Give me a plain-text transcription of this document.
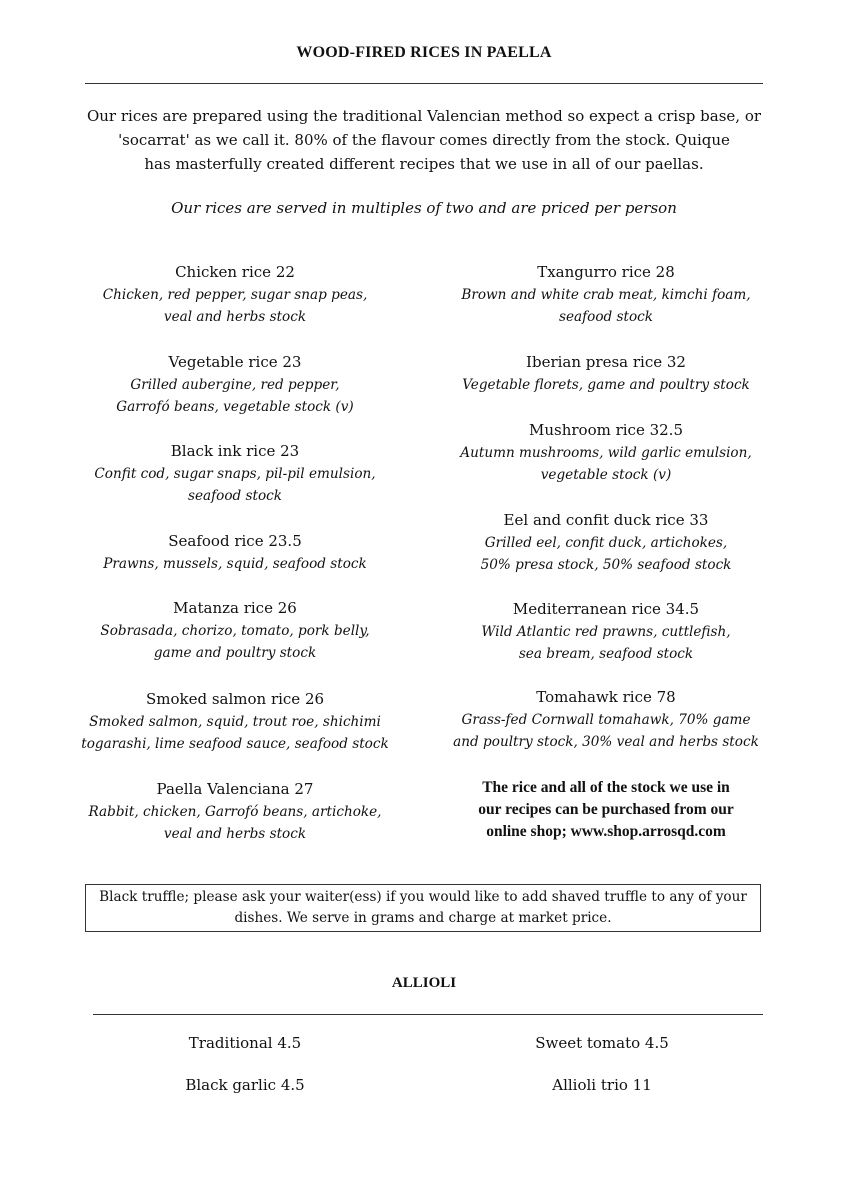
WOOD-FIRED RICES IN PAELLA
Our rices are prepared using the traditional Valencian method so expect a crisp base, or
'socarrat' as we call it. 80% of the flavour comes directly from the stock. Quique
has masterfully created different recipes that we use in all of our paellas.
Our rices are served in multiples of two and are priced per person
Chicken rice 22
Chicken, red pepper, sugar snap peas,
veal and herbs stock
Vegetable rice 23
Grilled aubergine, red pepper,
Garrofó beans, vegetable stock (v)
Black ink rice 23
Confit cod, sugar snaps, pil-pil emulsion,
seafood stock
Seafood rice 23.5
Prawns, mussels, squid, seafood stock
Matanza rice 26
Sobrasada, chorizo, tomato, pork belly,
game and poultry stock
Smoked salmon rice 26
Smoked salmon, squid, trout roe, shichimi
togarashi, lime seafood sauce, seafood stock
Paella Valenciana 27
Rabbit, chicken, Garrofó beans, artichoke,
veal and herbs stock
Txangurro rice 28
Brown and white crab meat, kimchi foam,
seafood stock
Iberian presa rice 32
Vegetable florets, game and poultry stock
Mushroom rice 32.5
Autumn mushrooms, wild garlic emulsion,
vegetable stock (v)
Eel and confit duck rice 33
Grilled eel, confit duck, artichokes,
50% presa stock, 50% seafood stock
Mediterranean rice 34.5
Wild Atlantic red prawns, cuttlefish,
sea bream, seafood stock
Tomahawk rice 78
Grass-fed Cornwall tomahawk, 70% game
and poultry stock, 30% veal and herbs stock
The rice and all of the stock we use in
our recipes can be purchased from our
online shop; www.shop.arrosqd.com
Black truffle; please ask your waiter(ess) if you would like to add shaved truffle to any of your
dishes. We serve in grams and charge at market price.
ALLIOLI
Traditional 4.5	Sweet tomato 4.5
Black garlic 4.5	Allioli trio 11
